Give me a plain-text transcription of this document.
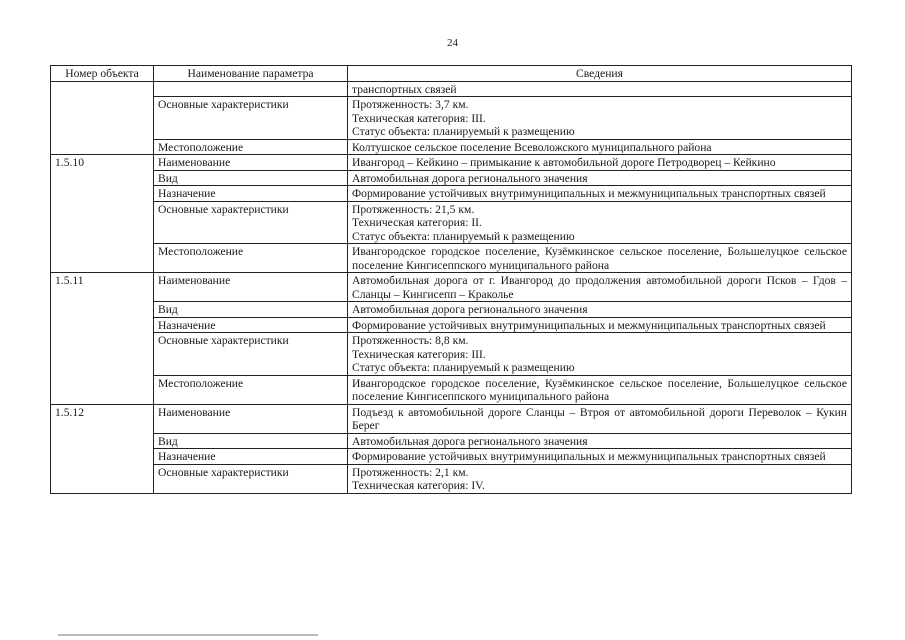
24
Номер объекта	Наименование параметра	Сведения
		транспортных связей
	Основные характеристики	Протяженность: 3,7 км.
Техническая категория: III.
Статус объекта: планируемый к размещению

	Местоположение	Колтушское сельское поселение Всеволожского муниципального района
1.5.10	Наименование	Ивангород – Кейкино – примыкание к автомобильной дороге Петродворец – Кейкино
	Вид	Автомобильная дорога регионального значения
	Назначение	Формирование устойчивых внутримуниципальных и межмуниципальных транспортных связей
	Основные характеристики	Протяженность: 21,5 км.
Техническая категория: II.
Статус объекта: планируемый к размещению

	Местоположение	Ивангородское городское поселение, Кузёмкинское сельское поселение, Большелуцкое сельское поселение Кингисеппского муниципального района
1.5.11	Наименование	Автомобильная дорога от г. Ивангород до продолжения автомобильной дороги Псков – Гдов – Сланцы – Кингисепп – Краколье
	Вид	Автомобильная дорога регионального значения
	Назначение	Формирование устойчивых внутримуниципальных и межмуниципальных транспортных связей
	Основные характеристики	Протяженность: 8,8 км.
Техническая категория: III.
Статус объекта: планируемый к размещению

	Местоположение	Ивангородское городское поселение, Кузёмкинское сельское поселение, Большелуцкое сельское поселение Кингисеппского муниципального района
1.5.12	Наименование	Подъезд к автомобильной дороге Сланцы – Втроя от автомобильной дороги Переволок – Кукин Берег
	Вид	Автомобильная дорога регионального значения
	Назначение	Формирование устойчивых внутримуниципальных и межмуниципальных транспортных связей
	Основные характеристики	Протяженность: 2,1 км.
Техническая категория: IV.
